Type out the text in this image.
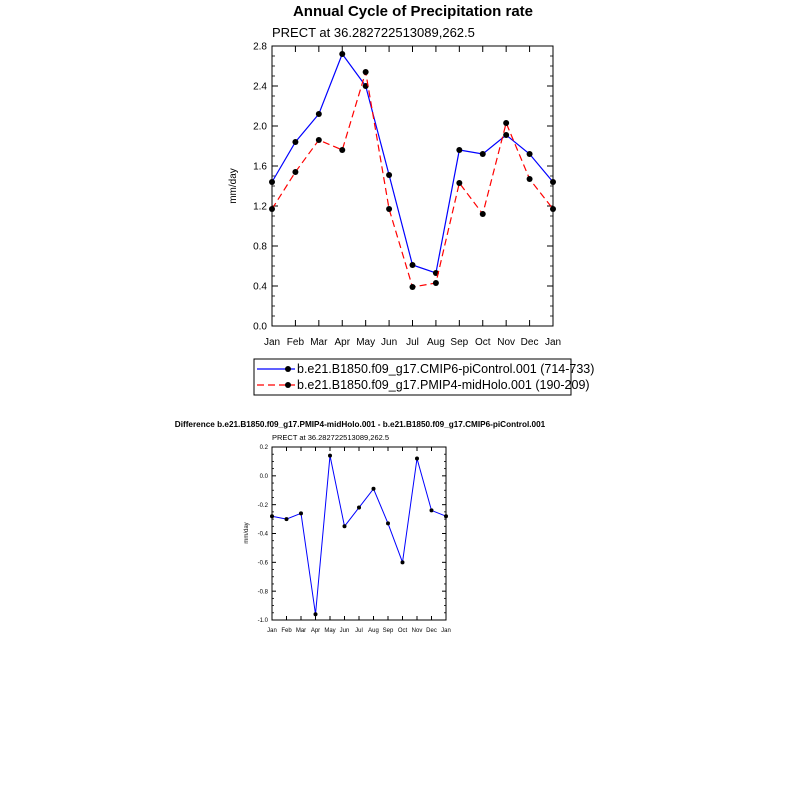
Annual Cycle of Precipitation rate
PRECT at 36.282722513089,262.5
mm/day
Jan Feb Mar Apr May Jun Jul Aug Sep Oct Nov Dec Jan
0.0
0.4
0.8
1.2
1.6
2.0
2.4
2.8
b.e21.B1850.f09_g17.CMIP6-piControl.001 (714-733)
b.e21.B1850.f09_g17.PMIP4-midHolo.001 (190-209)
Difference b.e21.B1850.f09_g17.PMIP4-midHolo.001 - b.e21.B1850.f09_g17.CMIP6-piControl.001
PRECT at 36.282722513089,262.5
mm/day
Jan Feb Mar Apr May Jun Jul Aug Sep Oct Nov Dec Jan
-1.0
-0.8
-0.6
-0.4
-0.2
0.0
0.2
